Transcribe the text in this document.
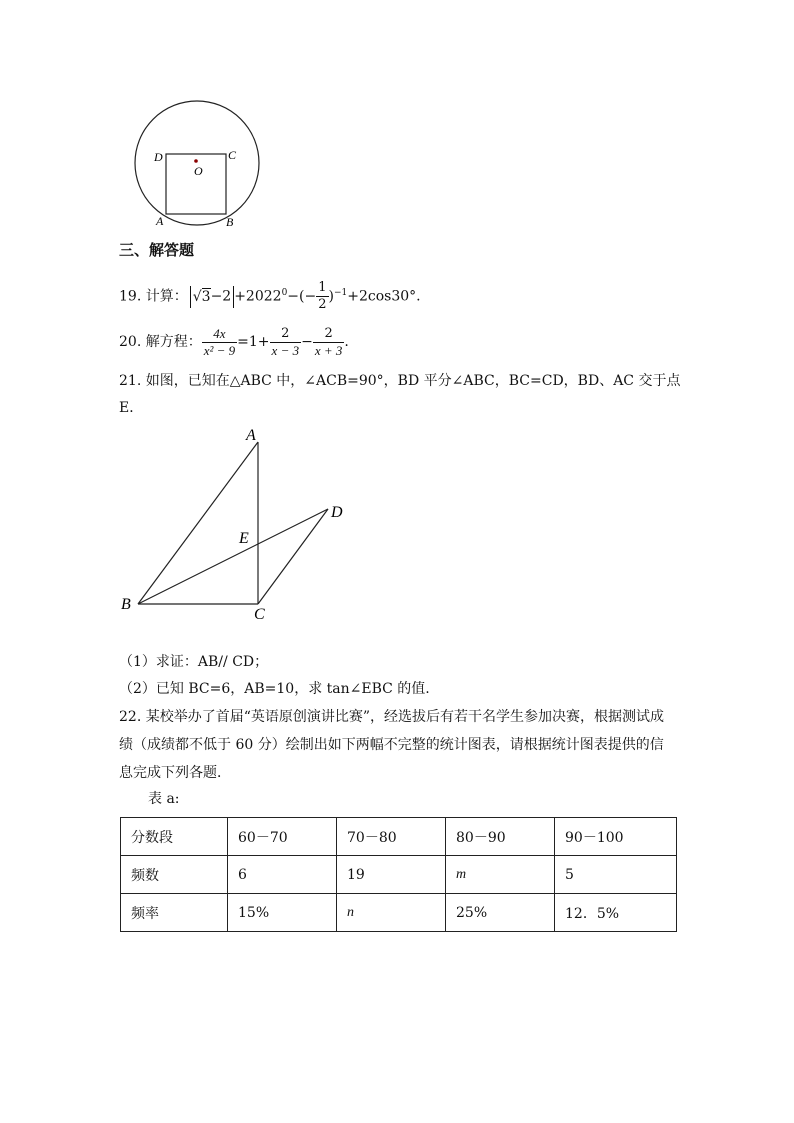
D	C
O
A	B
三、解答题
19. 计算： $√3-2 +2022^0-(- \frac{1}{2} )^{-1}+2\cos 30^\circ$.
20. 解方程： $\frac{4x}{\text{x² − 9}} =1+ \frac{2}{x - 3} - \frac{2}{x + 3}$ .
21. 如图，已知在△ABC 中，∠ACB=90°，BD 平分∠ABC，BC=CD，BD、AC 交于点
E．
A
E
D
B
C
（1）求证：AB// CD；
（2）已知 BC=6，AB=10，求 tan∠EBC 的值.
22. 某校举办了首届“英语原创演讲比赛”，经选拔后有若干名学生参加决赛，根据测试成
绩（成绩都不低于 60 分）绘制出如下两幅不完整的统计图表，请根据统计图表提供的信
息完成下列各题．
表 a:
分数段	60－70	70－80	80－90	90－100
频数	6	19	m	5
频率	15%	n	25%	12．5%
